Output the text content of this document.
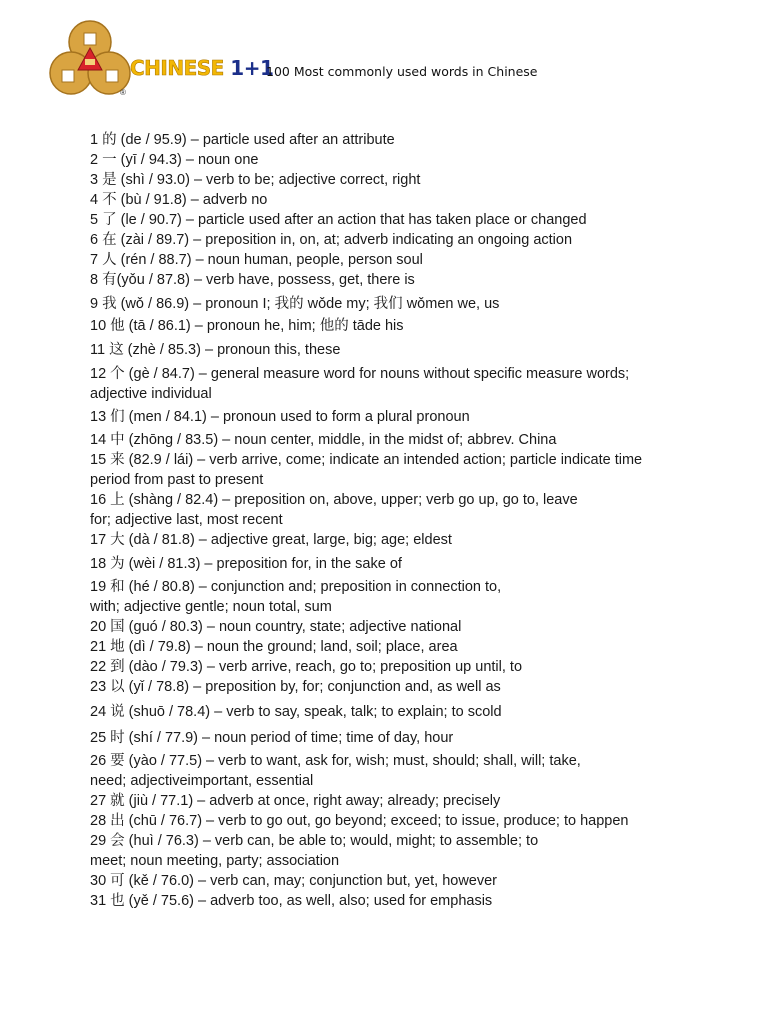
CHINESE 1+1
®
100 Most commonly used words in Chinese
1 的 (de / 95.9) – particle used after an attribute
2 一 (yī / 94.3) – noun one
3 是 (shì / 93.0) – verb to be; adjective correct, right
4 不 (bù / 91.8) – adverb no
5 了 (le / 90.7) – particle used after an action that has taken place or changed
6 在 (zài / 89.7) – preposition in, on, at; adverb indicating an ongoing action
7 人 (rén / 88.7) – noun human, people, person soul
8 有(yǒu / 87.8) – verb have, possess, get, there is
9 我 (wǒ / 86.9) – pronoun I; 我的 wǒde my; 我们 wǒmen we, us
10 他 (tā / 86.1) – pronoun he, him; 他的 tāde his
11 这 (zhè / 85.3) – pronoun this, these
12 个 (gè / 84.7) – general measure word for nouns without specific measure words;
adjective individual
13 们 (men / 84.1) – pronoun used to form a plural pronoun
14 中 (zhōng / 83.5) – noun center, middle, in the midst of; abbrev. China
15 来 (82.9 / lái) – verb arrive, come; indicate an intended action; particle indicate time
period from past to present
16 上 (shàng / 82.4) – preposition on, above, upper; verb go up, go to, leave
for; adjective last, most recent
17 大 (dà / 81.8) – adjective great, large, big; age; eldest
18 为 (wèi / 81.3) – preposition for, in the sake of
19 和 (hé / 80.8) – conjunction and; preposition in connection to,
with; adjective gentle; noun total, sum
20 国 (guó / 80.3) – noun country, state; adjective national
21 地 (dì / 79.8) – noun the ground; land, soil; place, area
22 到 (dào / 79.3) – verb arrive, reach, go to; preposition up until, to
23 以 (yǐ / 78.8) – preposition by, for; conjunction and, as well as
24 说 (shuō / 78.4) – verb to say, speak, talk; to explain; to scold
25 时 (shí / 77.9) – noun period of time; time of day, hour
26 要 (yào / 77.5) – verb to want, ask for, wish; must, should; shall, will; take,
need; adjectiveimportant, essential
27 就 (jiù / 77.1) – adverb at once, right away; already; precisely
28 出 (chū / 76.7) – verb to go out, go beyond; exceed; to issue, produce; to happen
29 会 (huì / 76.3) – verb can, be able to; would, might; to assemble; to
meet; noun meeting, party; association
30 可 (kě / 76.0) – verb can, may; conjunction but, yet, however
31 也 (yě / 75.6) – adverb too, as well, also; used for emphasis
